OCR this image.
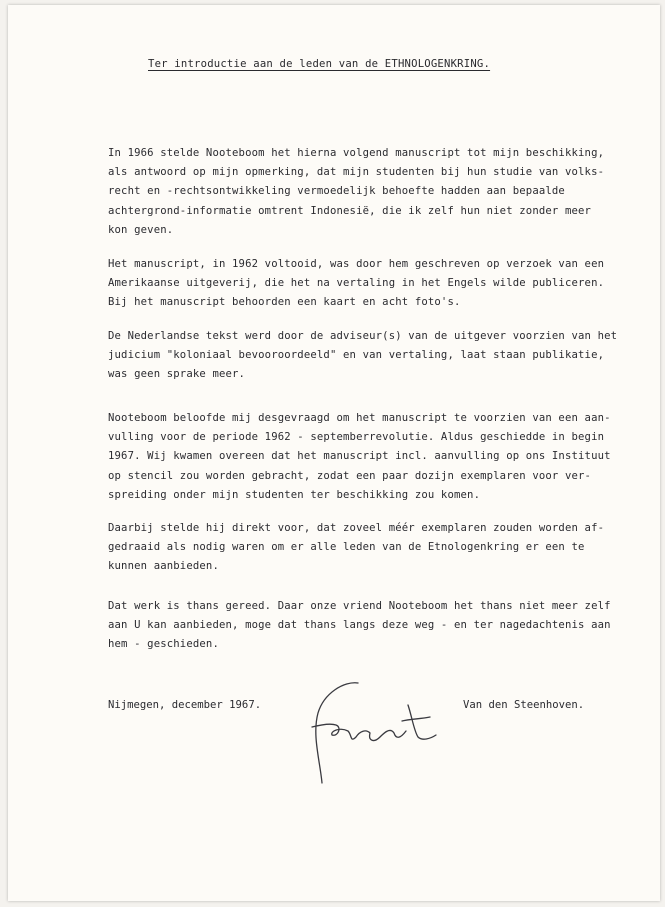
Ter introductie aan de leden van de ETHNOLOGENKRING.

In 1966 stelde Nooteboom het hierna volgend manuscript tot mijn beschikking,
als antwoord op mijn opmerking, dat mijn studenten bij hun studie van volks-
recht en -rechtsontwikkeling vermoedelijk behoefte hadden aan bepaalde
achtergrond-informatie omtrent Indonesië, die ik zelf hun niet zonder meer
kon geven.

Het manuscript, in 1962 voltooid, was door hem geschreven op verzoek van een
Amerikaanse uitgeverij, die het na vertaling in het Engels wilde publiceren.
Bij het manuscript behoorden een kaart en acht foto's.

De Nederlandse tekst werd door de adviseur(s) van de uitgever voorzien van het
judicium "koloniaal bevooroordeeld" en van vertaling, laat staan publikatie,
was geen sprake meer.

Nooteboom beloofde mij desgevraagd om het manuscript te voorzien van een aan-
vulling voor de periode 1962 - septemberrevolutie. Aldus geschiedde in begin
1967. Wij kwamen overeen dat het manuscript incl. aanvulling op ons Instituut
op stencil zou worden gebracht, zodat een paar dozijn exemplaren voor ver-
spreiding onder mijn studenten ter beschikking zou komen.

Daarbij stelde hij direkt voor, dat zoveel méér exemplaren zouden worden af-
gedraaid als nodig waren om er alle leden van de Etnologenkring er een te
kunnen aanbieden.

Dat werk is thans gereed. Daar onze vriend Nooteboom het thans niet meer zelf
aan U kan aanbieden, moge dat thans langs deze weg - en ter nagedachtenis aan
hem - geschieden.

Nijmegen, december 1967.	Van den Steenhoven.
